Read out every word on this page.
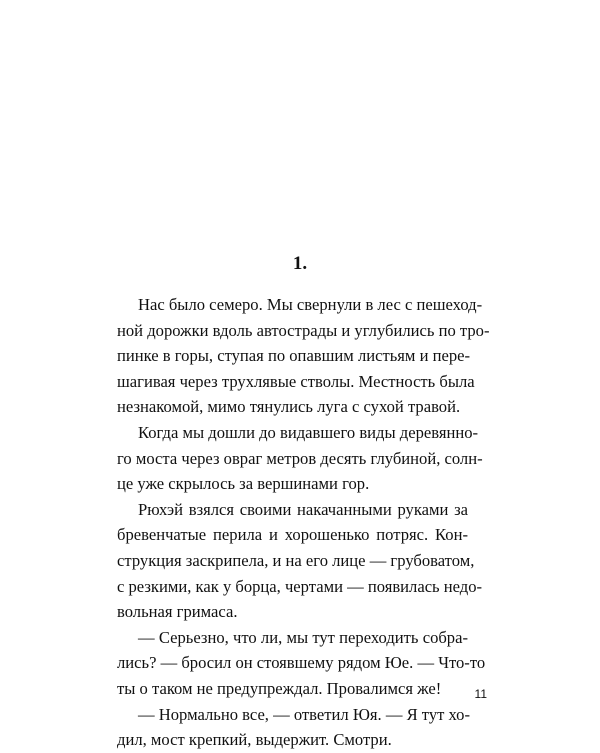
1.

Нас было семеро. Мы свернули в лес с пешеход-
ной дорожки вдоль автострады и углубились по тро-
пинке в горы, ступая по опавшим листьям и пере-
шагивая через трухлявые стволы. Местность была
незнакомой, мимо тянулись луга с сухой травой.

Когда мы дошли до видавшего виды деревянно-
го моста через овраг метров десять глубиной, солн-
це уже скрылось за вершинами гор.

Рюхэй взялся своими накачанными руками за
бревенчатые перила и хорошенько потряс. Кон-
струкция заскрипела, и на его лице — грубоватом,
с резкими, как у борца, чертами — появилась недо-
вольная гримаса.

— Серьезно, что ли, мы тут переходить собра-
лись? — бросил он стоявшему рядом Юе. — Что-то
ты о таком не предупреждал. Провалимся же!

— Нормально все, — ответил Юя. — Я тут хо-
дил, мост крепкий, выдержит. Смотри.

11
